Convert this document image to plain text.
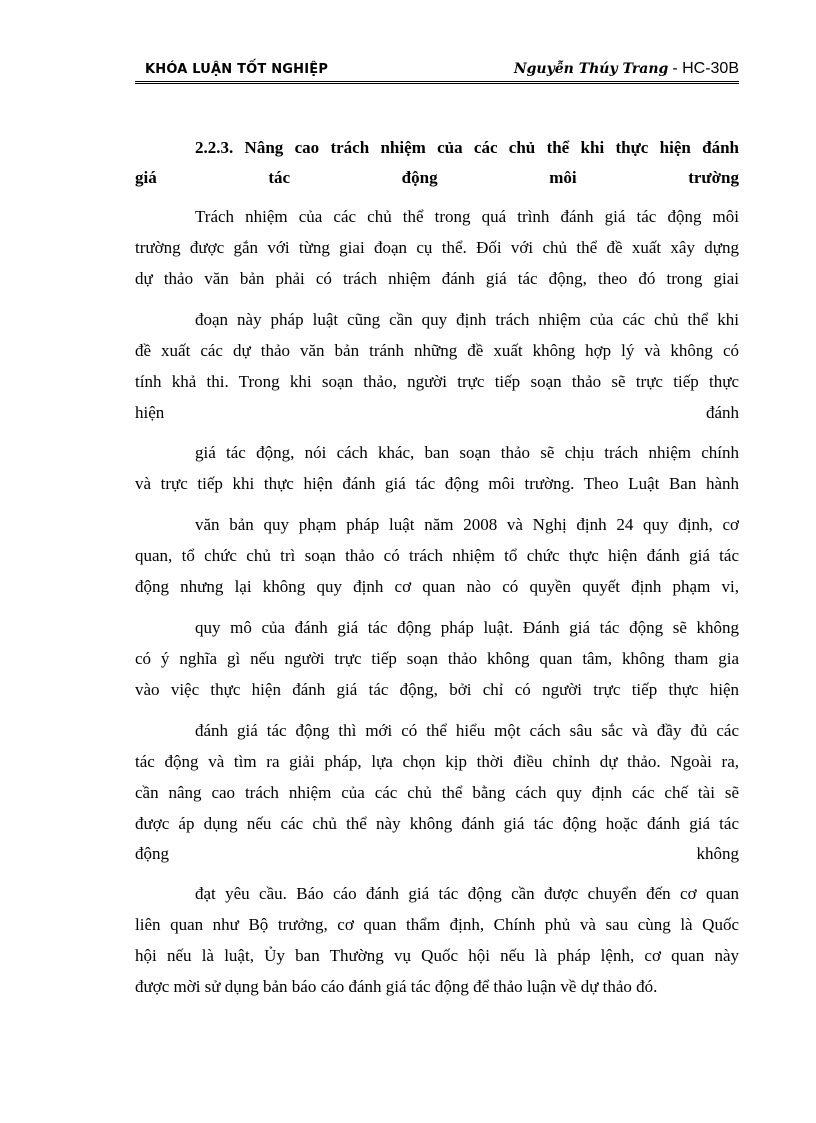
KHÓA LUẬN TỐT NGHIỆP	Nguyễn Thúy Trang - HC-30B
2.2.3. Nâng cao trách nhiệm của các chủ thể khi thực hiện đánh
giá tác động môi trường
Trách nhiệm của các chủ thể trong quá trình đánh giá tác động môi
trường được gắn với từng giai đoạn cụ thể. Đối với chủ thể đề xuất xây dựng
dự thảo văn bản phải có trách nhiệm đánh giá tác động, theo đó trong giai
đoạn này pháp luật cũng cần quy định trách nhiệm của các chủ thể khi
đề xuất các dự thảo văn bản tránh những đề xuất không hợp lý và không có
tính khả thi. Trong khi soạn thảo, người trực tiếp soạn thảo sẽ trực tiếp thực
hiện đánh
giá tác động, nói cách khác, ban soạn thảo sẽ chịu trách nhiệm chính
và trực tiếp khi thực hiện đánh giá tác động môi trường. Theo Luật Ban hành
văn bản quy phạm pháp luật năm 2008 và Nghị định 24 quy định, cơ
quan, tổ chức chủ trì soạn thảo có trách nhiệm tổ chức thực hiện đánh giá tác
động nhưng lại không quy định cơ quan nào có quyền quyết định phạm vi,
quy mô của đánh giá tác động pháp luật. Đánh giá tác động sẽ không
có ý nghĩa gì nếu người trực tiếp soạn thảo không quan tâm, không tham gia
vào việc thực hiện đánh giá tác động, bởi chỉ có người trực tiếp thực hiện
đánh giá tác động thì mới có thể hiểu một cách sâu sắc và đầy đủ các
tác động và tìm ra giải pháp, lựa chọn kịp thời điều chỉnh dự thảo. Ngoài ra,
cần nâng cao trách nhiệm của các chủ thể bằng cách quy định các chế tài sẽ
được áp dụng nếu các chủ thể này không đánh giá tác động hoặc đánh giá tác
động không
đạt yêu cầu. Báo cáo đánh giá tác động cần được chuyển đến cơ quan
liên quan như Bộ trưởng, cơ quan thẩm định, Chính phủ và sau cùng là Quốc
hội nếu là luật, Ủy ban Thường vụ Quốc hội nếu là pháp lệnh, cơ quan này
được mời sử dụng bản báo cáo đánh giá tác động để thảo luận về dự thảo đó.
